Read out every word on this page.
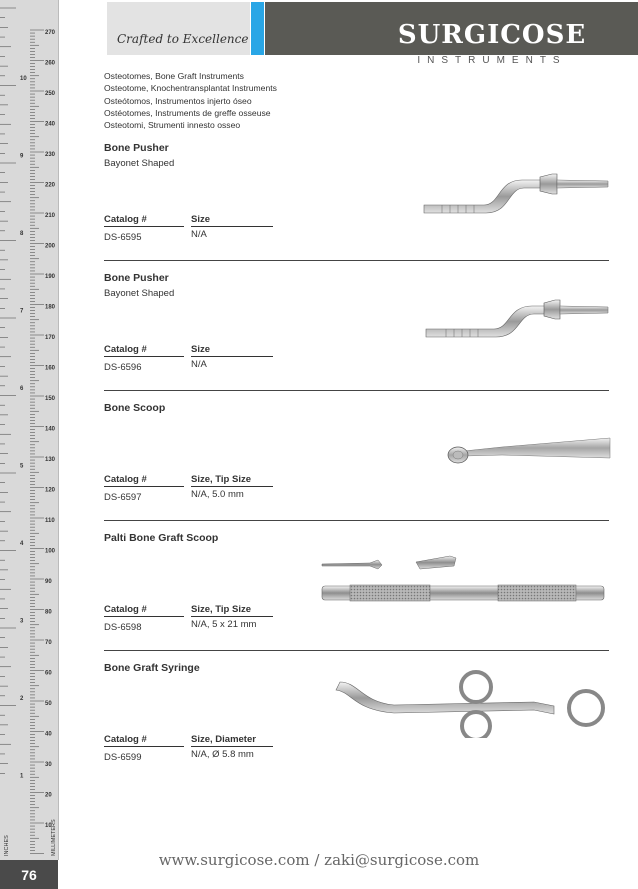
270
260
250
240
230
220
210
200
190
180
170
160
150
140
130
120
110
100
90
80
70
60
50
40
30
20
10
10
9
8
7
6
5
4
3
2
1
INCHES	MILLIMETERS
76
Crafted to Excellence	SURGICOSE
INSTRUMENTS
Osteotomes, Bone Graft Instruments
Osteotome, Knochentransplantat Instruments
Osteótomos, Instrumentos injerto óseo
Ostéotomes, Instruments de greffe osseuse
Osteotomi, Strumenti innesto osseo
Bone Pusher
Bayonet Shaped
Catalog #	Size
DS-6595	N/A
Bone Pusher
Bayonet Shaped
Catalog #	Size
DS-6596	N/A
Bone Scoop
Catalog #	Size, Tip Size
DS-6597	N/A, 5.0 mm
Palti Bone Graft Scoop
Catalog #	Size, Tip Size
DS-6598	N/A, 5 x 21 mm
Bone Graft Syringe
Catalog #	Size, Diameter
DS-6599	N/A, Ø 5.8 mm
www.surgicose.com / zaki@surgicose.com
